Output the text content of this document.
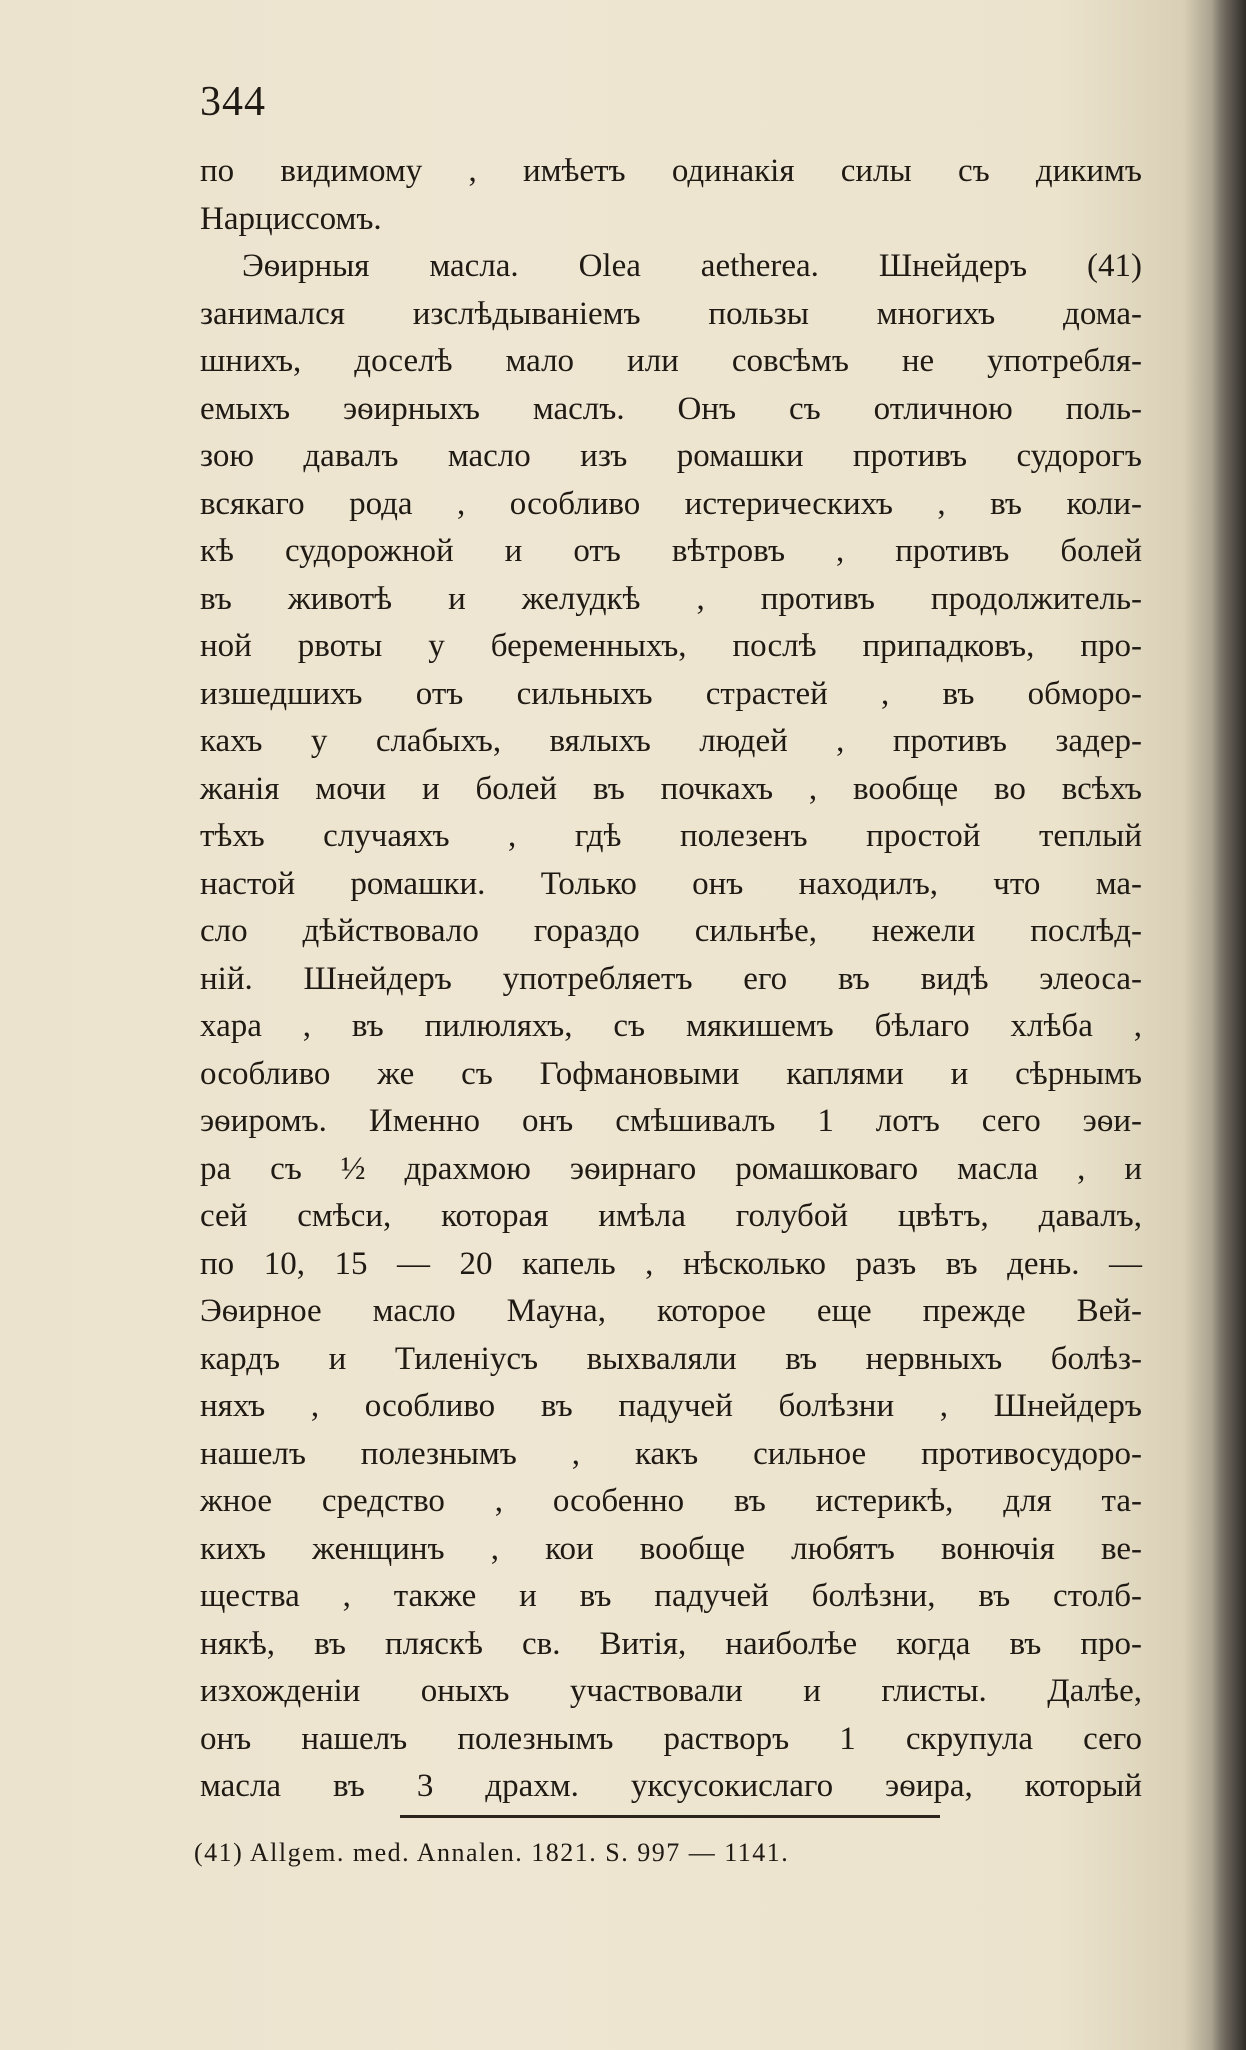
344
по видимому , имѣетъ одинакія силы съ дикимъ
Нарциссомъ.
Эѳирныя масла. Olea aetherea. Шнейдеръ (41)
занимался изслѣдываніемъ пользы многихъ дома-
шнихъ, доселѣ мало или совсѣмъ не употребля-
емыхъ эѳирныхъ маслъ. Онъ съ отличною поль-
зою давалъ масло изъ ромашки противъ судорогъ
всякаго рода , особливо истерическихъ , въ коли-
кѣ судорожной и отъ вѣтровъ , противъ болей
въ животѣ и желудкѣ , противъ продолжитель-
ной рвоты у беременныхъ, послѣ припадковъ, про-
изшедшихъ отъ сильныхъ страстей , въ обморо-
кахъ у слабыхъ, вялыхъ людей , противъ задер-
жанія мочи и болей въ почкахъ , вообще во всѣхъ
тѣхъ случаяхъ , гдѣ полезенъ простой теплый
настой ромашки. Только онъ находилъ, что ма-
сло дѣйствовало гораздо сильнѣе, нежели послѣд-
ній. Шнейдеръ употребляетъ его въ видѣ элеоса-
хара , въ пилюляхъ, съ мякишемъ бѣлаго хлѣба ,
особливо же съ Гофмановыми каплями и сѣрнымъ
эѳиромъ. Именно онъ смѣшивалъ 1 лотъ сего эѳи-
ра съ ½ драхмою эѳирнаго ромашковаго масла , и
сей смѣси, которая имѣла голубой цвѣтъ, давалъ,
по 10, 15 — 20 капель , нѣсколько разъ въ день. —
Эѳирное масло Мауна, которое еще прежде Вей-
кардъ и Тиленіусъ выхваляли въ нервныхъ болѣз-
няхъ , особливо въ падучей болѣзни , Шнейдеръ
нашелъ полезнымъ , какъ сильное противосудоро-
жное средство , особенно въ истерикѣ, для та-
кихъ женщинъ , кои вообще любятъ вонючія ве-
щества , также и въ падучей болѣзни, въ столб-
някѣ, въ пляскѣ св. Витія, наиболѣе когда въ про-
изхожденіи оныхъ участвовали и глисты. Далѣе,
онъ нашелъ полезнымъ растворъ 1 скрупула сего
масла въ 3 драхм. уксусокислаго эѳира, который
(41) Allgem. med. Annalen. 1821. S. 997 — 1141.
